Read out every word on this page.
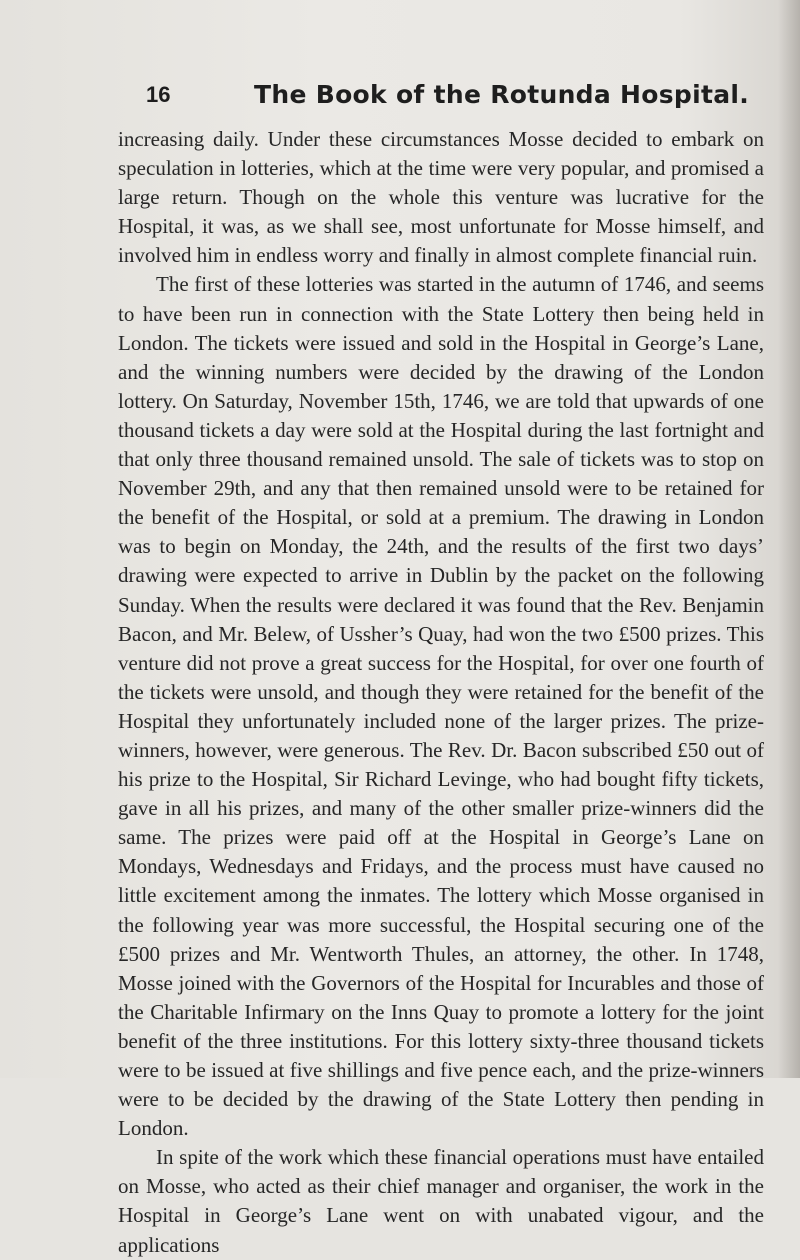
16	The Book of the Rotunda Hospital.

increasing daily. Under these circumstances Mosse decided to embark on speculation in lotteries, which at the time were very popular, and promised a large return. Though on the whole this venture was lucrative for the Hospital, it was, as we shall see, most unfortunate for Mosse himself, and involved him in endless worry and finally in almost complete financial ruin.

The first of these lotteries was started in the autumn of 1746, and seems to have been run in connection with the State Lottery then being held in London. The tickets were issued and sold in the Hospital in George’s Lane, and the winning numbers were decided by the drawing of the London lottery. On Saturday, November 15th, 1746, we are told that upwards of one thousand tickets a day were sold at the Hospital during the last fortnight and that only three thousand remained unsold. The sale of tickets was to stop on November 29th, and any that then remained unsold were to be retained for the benefit of the Hospital, or sold at a premium. The drawing in London was to begin on Monday, the 24th, and the results of the first two days’ drawing were expected to arrive in Dublin by the packet on the following Sunday. When the results were declared it was found that the Rev. Benjamin Bacon, and Mr. Belew, of Ussher’s Quay, had won the two £500 prizes. This venture did not prove a great success for the Hospital, for over one fourth of the tickets were unsold, and though they were retained for the benefit of the Hospital they unfortunately included none of the larger prizes. The prize-winners, however, were generous. The Rev. Dr. Bacon subscribed £50 out of his prize to the Hospital, Sir Richard Levinge, who had bought fifty tickets, gave in all his prizes, and many of the other smaller prize-winners did the same. The prizes were paid off at the Hospital in George’s Lane on Mondays, Wednesdays and Fridays, and the process must have caused no little excitement among the inmates. The lottery which Mosse organised in the following year was more successful, the Hospital securing one of the £500 prizes and Mr. Wentworth Thules, an attorney, the other. In 1748, Mosse joined with the Governors of the Hospital for Incurables and those of the Charitable Infirmary on the Inns Quay to promote a lottery for the joint benefit of the three institutions. For this lottery sixty-three thousand tickets were to be issued at five shillings and five pence each, and the prize-winners were to be decided by the drawing of the State Lottery then pending in London.

In spite of the work which these financial operations must have entailed on Mosse, who acted as their chief manager and organiser, the work in the Hospital in George’s Lane went on with unabated vigour, and the applications
